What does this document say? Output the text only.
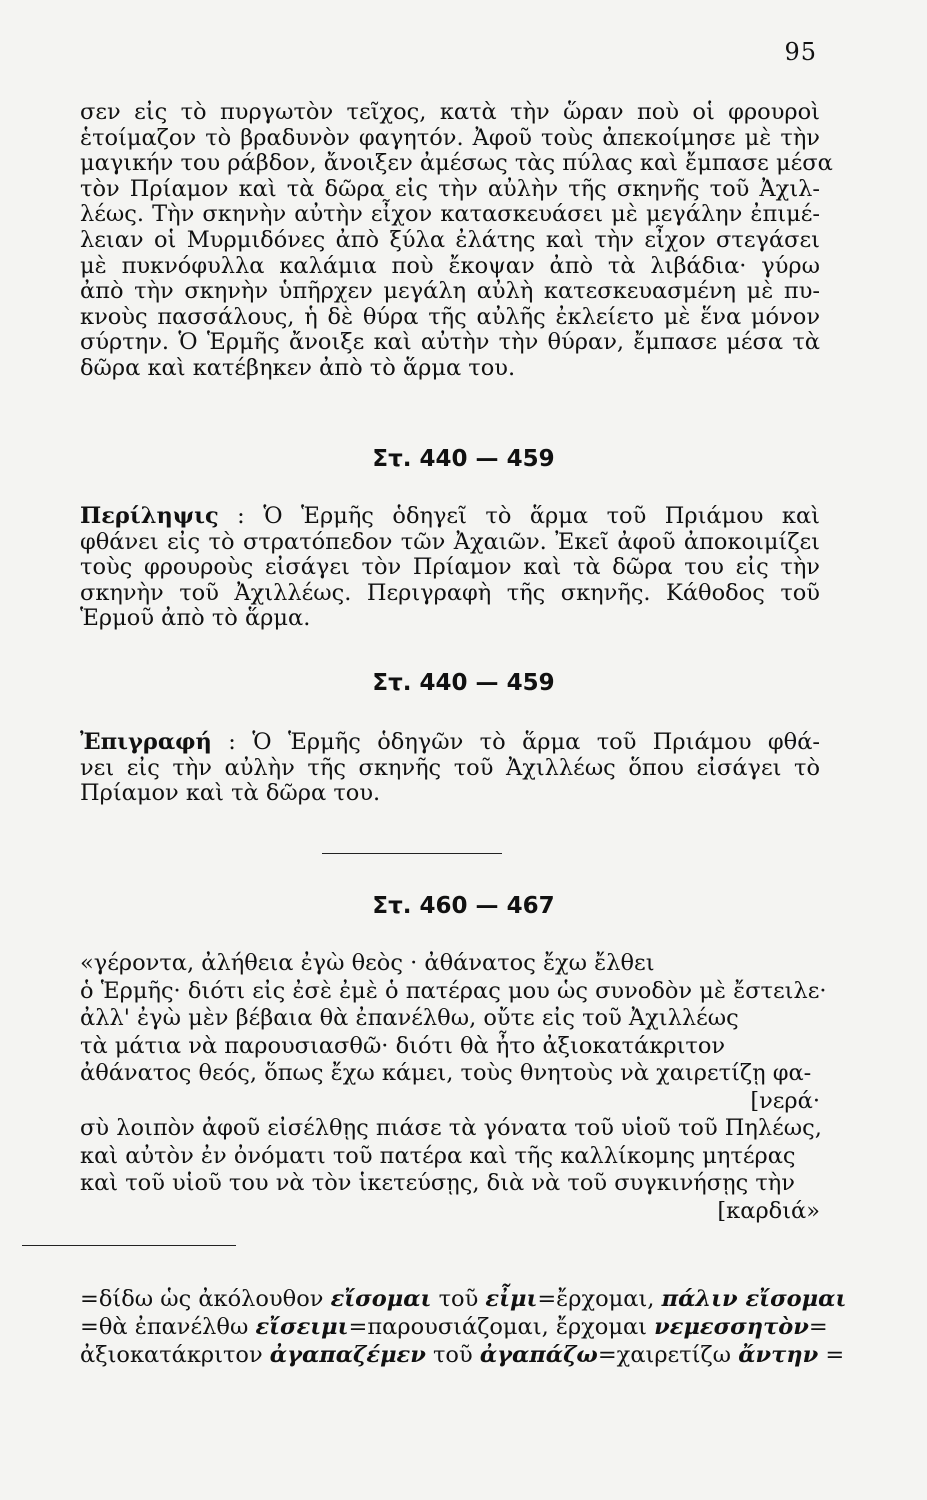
95
σεν εἰς τὸ πυργωτὸν τεῖχος, κατὰ τὴν ὥραν ποὺ οἱ φρουροὶ
ἑτοίμαζον τὸ βραδυνὸν φαγητόν. Ἀφοῦ τοὺς ἀπεκοίμησε μὲ τὴν
μαγικήν του ράβδον, ἄνοιξεν ἀμέσως τὰς πύλας καὶ ἔμπασε μέσα
τὸν Πρίαμον καὶ τὰ δῶρα εἰς τὴν αὐλὴν τῆς σκηνῆς τοῦ Ἀχιλ-
λέως. Τὴν σκηνὴν αὐτὴν εἶχον κατασκευάσει μὲ μεγάλην ἐπιμέ-
λειαν οἱ Μυρμιδόνες ἀπὸ ξύλα ἐλάτης καὶ τὴν εἶχον στεγάσει
μὲ πυκνόφυλλα καλάμια ποὺ ἔκοψαν ἀπὸ τὰ λιβάδια· γύρω
ἀπὸ τὴν σκηνὴν ὑπῆρχεν μεγάλη αὐλὴ κατεσκευασμένη μὲ πυ-
κνοὺς πασσάλους, ἡ δὲ θύρα τῆς αὐλῆς ἐκλείετο μὲ ἕνα μόνον
σύρτην. Ὁ Ἑρμῆς ἄνοιξε καὶ αὐτὴν τὴν θύραν, ἔμπασε μέσα τὰ
δῶρα καὶ κατέβηκεν ἀπὸ τὸ ἅρμα του.
Στ. 440 — 459
Περίληψις : Ὁ Ἑρμῆς ὁδηγεῖ τὸ ἅρμα τοῦ Πριάμου καὶ
φθάνει εἰς τὸ στρατόπεδον τῶν Ἀχαιῶν. Ἐκεῖ ἀφοῦ ἀποκοιμίζει
τοὺς φρουροὺς εἰσάγει τὸν Πρίαμον καὶ τὰ δῶρα του εἰς τὴν
σκηνὴν τοῦ Ἀχιλλέως. Περιγραφὴ τῆς σκηνῆς. Κάθοδος τοῦ
Ἑρμοῦ ἀπὸ τὸ ἅρμα.
Στ. 440 — 459
Ἐπιγραφή : Ὁ Ἑρμῆς ὁδηγῶν τὸ ἅρμα τοῦ Πριάμου φθά-
νει εἰς τὴν αὐλὴν τῆς σκηνῆς τοῦ Ἀχιλλέως ὅπου εἰσάγει τὸ
Πρίαμον καὶ τὰ δῶρα του.
Στ. 460 — 467
«γέροντα, ἀλήθεια ἐγὼ θεὸς · ἀθάνατος ἔχω ἔλθει
ὁ Ἑρμῆς· διότι εἰς ἐσὲ ἐμὲ ὁ πατέρας μου ὡς συνοδὸν μὲ ἔστειλε·
ἀλλ' ἐγὼ μὲν βέβαια θὰ ἐπανέλθω, οὔτε εἰς τοῦ Ἀχιλλέως
τὰ μάτια νὰ παρουσιασθῶ· διότι θὰ ἦτο ἀξιοκατάκριτον
ἀθάνατος θεός, ὅπως ἔχω κάμει, τοὺς θνητοὺς νὰ χαιρετίζῃ φα-
[νερά·
σὺ λοιπὸν ἀφοῦ εἰσέλθῃς πιάσε τὰ γόνατα τοῦ υἱοῦ τοῦ Πηλέως,
καὶ αὐτὸν ἐν ὀνόματι τοῦ πατέρα καὶ τῆς καλλίκομης μητέρας
καὶ τοῦ υἱοῦ του νὰ τὸν ἱκετεύσῃς, διὰ νὰ τοῦ συγκινήσῃς τὴν
[καρδιά»
=δίδω ὡς ἀκόλουθον εἴσομαι τοῦ εἶμι=ἔρχομαι, πάλιν εἴσομαι
=θὰ ἐπανέλθω εἴσειμι=παρουσιάζομαι, ἔρχομαι νεμεσσητὸν=
ἀξιοκατάκριτον ἀγαπαζέμεν τοῦ ἀγαπάζω=χαιρετίζω ἄντην =
